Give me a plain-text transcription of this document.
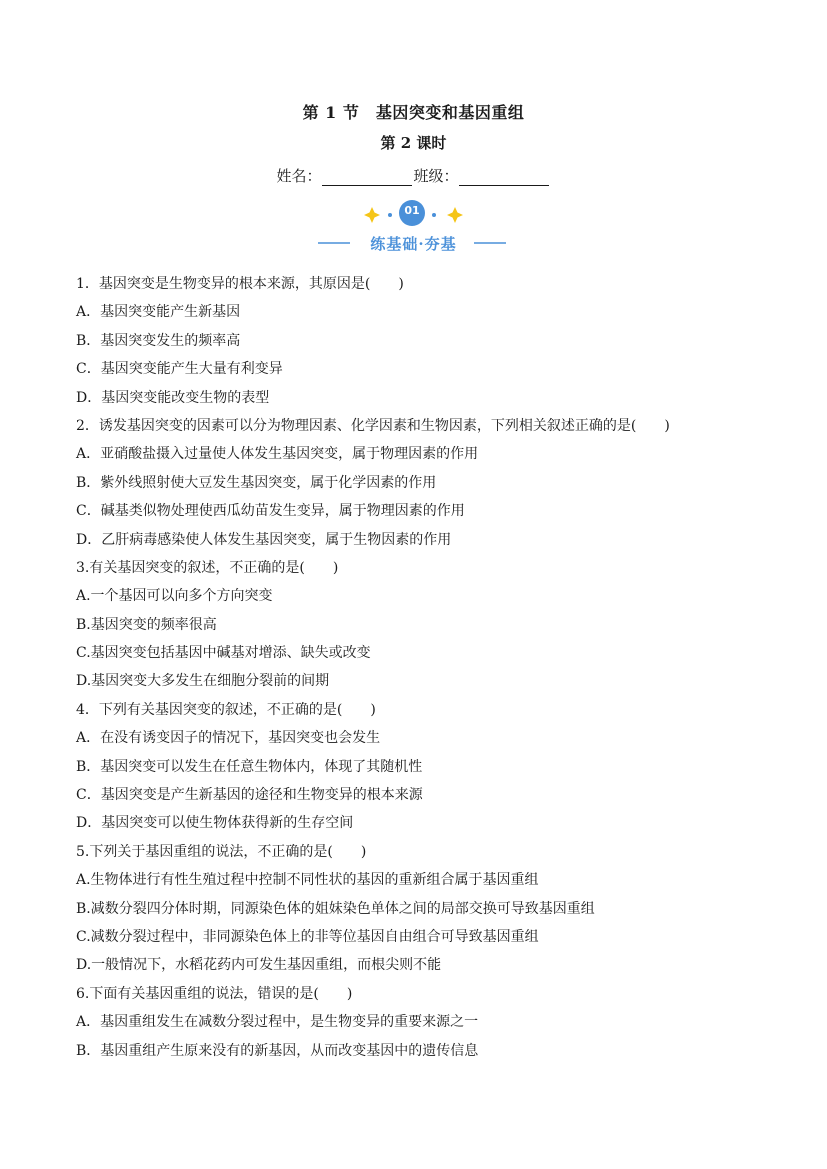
第 1 节　基因突变和基因重组
第 2 课时
姓名：	班级：
01
练基础·夯基
1．基因突变是生物变异的根本来源，其原因是(　　)
A．基因突变能产生新基因
B．基因突变发生的频率高
C．基因突变能产生大量有利变异
D．基因突变能改变生物的表型
2．诱发基因突变的因素可以分为物理因素、化学因素和生物因素，下列相关叙述正确的是(　　)
A．亚硝酸盐摄入过量使人体发生基因突变，属于物理因素的作用
B．紫外线照射使大豆发生基因突变，属于化学因素的作用
C．碱基类似物处理使西瓜幼苗发生变异，属于物理因素的作用
D．乙肝病毒感染使人体发生基因突变，属于生物因素的作用
3.有关基因突变的叙述，不正确的是(　　)
A.一个基因可以向多个方向突变
B.基因突变的频率很高
C.基因突变包括基因中碱基对增添、缺失或改变
D.基因突变大多发生在细胞分裂前的间期
4．下列有关基因突变的叙述，不正确的是(　　)
A．在没有诱变因子的情况下，基因突变也会发生
B．基因突变可以发生在任意生物体内，体现了其随机性
C．基因突变是产生新基因的途径和生物变异的根本来源
D．基因突变可以使生物体获得新的生存空间
5.下列关于基因重组的说法，不正确的是(　　)
A.生物体进行有性生殖过程中控制不同性状的基因的重新组合属于基因重组
B.减数分裂四分体时期，同源染色体的姐妹染色单体之间的局部交换可导致基因重组
C.减数分裂过程中，非同源染色体上的非等位基因自由组合可导致基因重组
D.一般情况下，水稻花药内可发生基因重组，而根尖则不能
6.下面有关基因重组的说法，错误的是(　　)
A．基因重组发生在减数分裂过程中，是生物变异的重要来源之一
B．基因重组产生原来没有的新基因，从而改变基因中的遗传信息
